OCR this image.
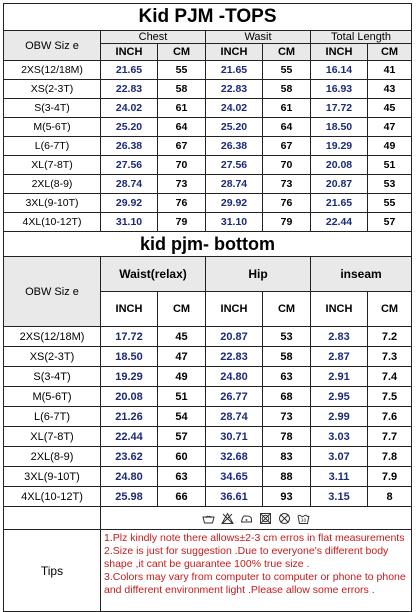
Kid PJM -TOPS						
OBW Siz e	Chest		Wasit		Total Length	
	INCH	CM	INCH	CM	INCH	CM
2XS(12/18M)	21.65	55	21.65	55	16.14	41
XS(2-3T)	22.83	58	22.83	58	16.93	43
S(3-4T)	24.02	61	24.02	61	17.72	45
M(5-6T)	25.20	64	25.20	64	18.50	47
L(6-7T)	26.38	67	26.38	67	19.29	49
XL(7-8T)	27.56	70	27.56	70	20.08	51
2XL(8-9)	28.74	73	28.74	73	20.87	53
3XL(9-10T)	29.92	76	29.92	76	21.65	55
4XL(10-12T)	31.10	79	31.10	79	22.44	57
kid pjm- bottom						
OBW Siz e	Waist(relax)		Hip		inseam	
	INCH	CM	INCH	CM	INCH	CM
2XS(12/18M)	17.72	45	20.87	53	2.83	7.2
XS(2-3T)	18.50	47	22.83	58	2.87	7.3
S(3-4T)	19.29	49	24.80	63	2.91	7.4
M(5-6T)	20.08	51	26.77	68	2.95	7.5
L(6-7T)	21.26	54	28.74	73	2.99	7.6
XL(7-8T)	22.44	57	30.71	78	3.03	7.7
2XL(8-9)	23.62	60	32.68	83	3.07	7.8
3XL(9-10T)	24.80	63	34.65	88	3.11	7.9
4XL(10-12T)	25.98	66	36.61	93	3.15	8

30					

Tips	1.Plz kindly note there allows±2-3 cm erros in flat measurements
2.Size is just for suggestion .Due to everyone's different body shape ,it cant be guarantee 100% true size .
3.Colors may vary from computer to computer or phone to phone and different environment light .Please allow some errors .					
